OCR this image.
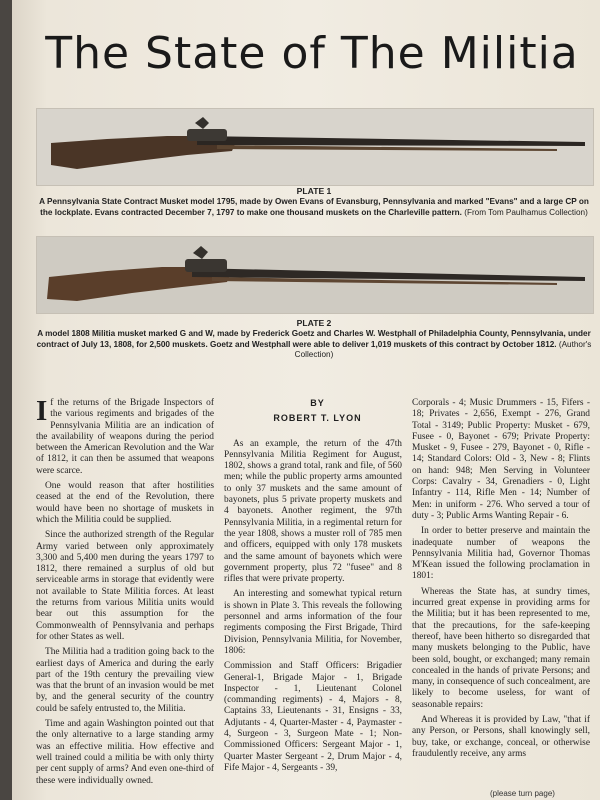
The State of The Militia
PLATE 1
A Pennsylvania State Contract Musket model 1795, made by Owen Evans of Evansburg, Pennsylvania and marked "Evans" and a large CP on the lockplate. Evans contracted December 7, 1797 to make one thousand muskets on the Charleville pattern. (From Tom Paulhamus Collection)
PLATE 2
A model 1808 Militia musket marked G and W, made by Frederick Goetz and Charles W. Westphall of Philadelphia County, Pennsylvania, under contract of July 13, 1808, for 2,500 muskets. Goetz and Westphall were able to deliver 1,019 muskets of this contract by October 1812. (Author's Collection)

If the returns of the Brigade Inspectors of the various regiments and brigades of the Pennsylvania Militia are an indication of the availability of weapons during the period between the American Revolution and the War of 1812, it can then be assumed that weapons were scarce.

One would reason that after hostilities ceased at the end of the Revolution, there would have been no shortage of muskets in which the Militia could be supplied.

Since the authorized strength of the Regular Army varied between only approximately 3,300 and 5,400 men during the years 1797 to 1812, there remained a surplus of old but serviceable arms in storage that evidently were not available to State Militia forces. At least the returns from various Militia units would bear out this assumption for the Commonwealth of Pennsylvania and perhaps for other States as well.

The Militia had a tradition going back to the earliest days of America and during the early part of the 19th century the prevailing view was that the brunt of an invasion would be met by, and the general security of the country could be safely entrusted to, the Militia.

Time and again Washington pointed out that the only alternative to a large standing army was an effective militia. How effective and well trained could a militia be with only thirty per cent supply of arms? And even one-third of these were individually owned.

BY

ROBERT T. LYON

As an example, the return of the 47th Pennsylvania Militia Regiment for August, 1802, shows a grand total, rank and file, of 560 men; while the public property arms amounted to only 37 muskets and the same amount of bayonets, plus 5 private property muskets and 4 bayonets. Another regiment, the 97th Pennsylvania Militia, in a regimental return for the year 1808, shows a muster roll of 785 men and officers, equipped with only 178 muskets and the same amount of bayonets which were government property, plus 72 "fusee" and 8 rifles that were private property.

An interesting and somewhat typical return is shown in Plate 3. This reveals the following personnel and arms information of the four regiments composing the First Brigade, Third Division, Pennsylvania Militia, for November, 1806:

Commission and Staff Officers: Brigadier General-1, Brigade Major - 1, Brigade Inspector - 1, Lieutenant Colonel (commanding regiments) - 4, Majors - 8, Captains 33, Lieutenants - 31, Ensigns - 33, Adjutants - 4, Quarter-Master - 4, Paymaster - 4, Surgeon - 3, Surgeon Mate - 1; Non-Commissioned Officers: Sergeant Major - 1, Quarter Master Sergeant - 2, Drum Major - 4, Fife Major - 4, Sergeants - 39,

Corporals - 4; Music Drummers - 15, Fifers - 18; Privates - 2,656, Exempt - 276, Grand Total - 3149; Public Property: Musket - 679, Fusee - 0, Bayonet - 679; Private Property: Musket - 9, Fusee - 279, Bayonet - 0, Rifle - 14; Standard Colors: Old - 3, New - 8; Flints on hand: 948; Men Serving in Volunteer Corps: Cavalry - 34, Grenadiers - 0, Light Infantry - 114, Rifle Men - 14; Number of Men: in uniform - 276. Who served a tour of duty - 3; Public Arms Wanting Repair - 6.

In order to better preserve and maintain the inadequate number of weapons the Pennsylvania Militia had, Governor Thomas M'Kean issued the following proclamation in 1801:

Whereas the State has, at sundry times, incurred great expense in providing arms for the Militia; but it has been represented to me, that the precautions, for the safe-keeping thereof, have been hitherto so disregarded that many muskets belonging to the Public, have been sold, bought, or exchanged; many remain concealed in the hands of private Persons; and many, in consequence of such concealment, are likely to become useless, for want of seasonable repairs:

And Whereas it is provided by Law, "that if any Person, or Persons, shall knowingly sell, buy, take, or exchange, conceal, or otherwise fraudulently receive, any arms

(please turn page)
